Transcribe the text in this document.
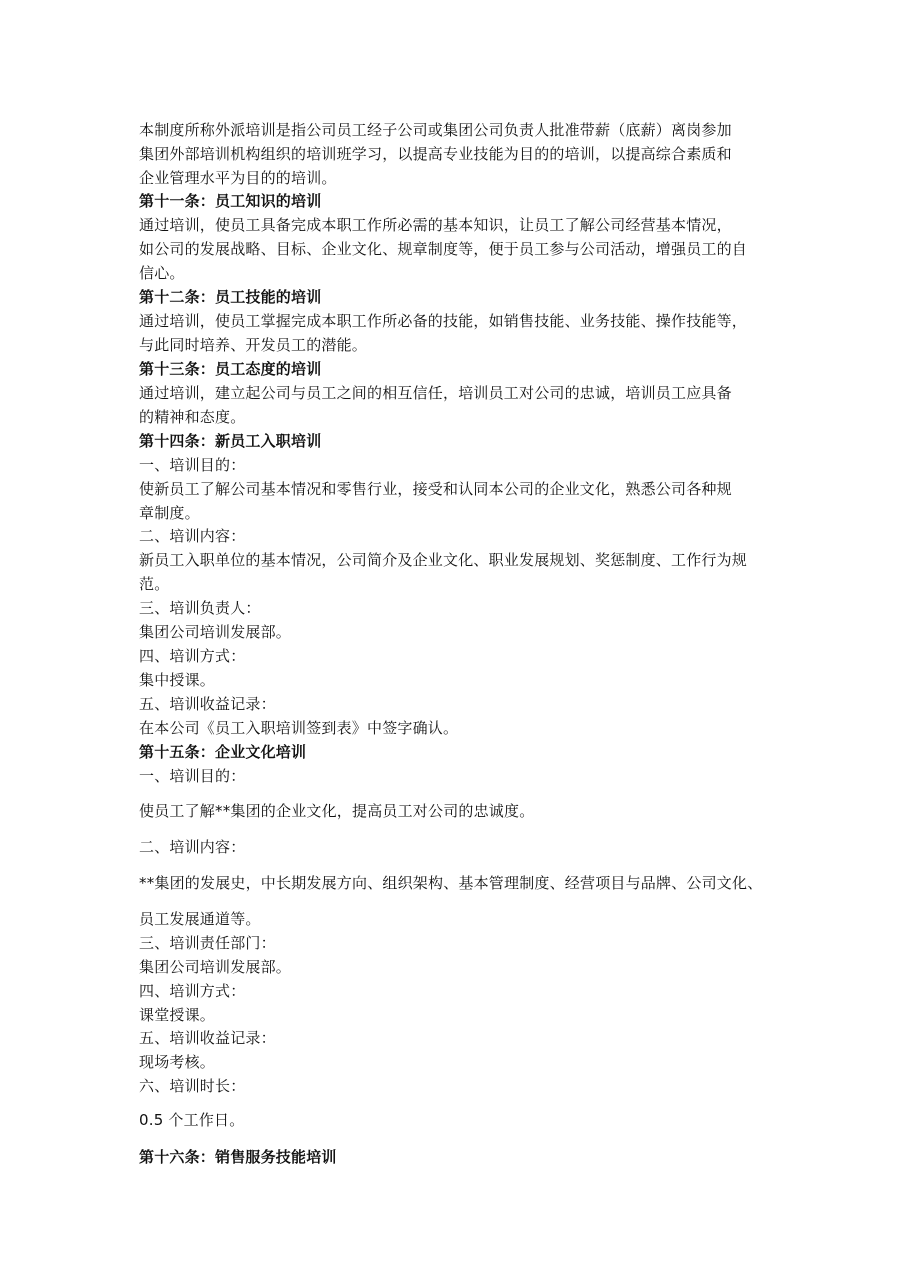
本制度所称外派培训是指公司员工经子公司或集团公司负责人批准带薪（底薪）离岗参加
集团外部培训机构组织的培训班学习，以提高专业技能为目的的培训，以提高综合素质和
企业管理水平为目的的培训。
第十一条：员工知识的培训
通过培训，使员工具备完成本职工作所必需的基本知识，让员工了解公司经营基本情况，
如公司的发展战略、目标、企业文化、规章制度等，便于员工参与公司活动，增强员工的自
信心。
第十二条：员工技能的培训
通过培训，使员工掌握完成本职工作所必备的技能，如销售技能、业务技能、操作技能等，
与此同时培养、开发员工的潜能。
第十三条：员工态度的培训
通过培训，建立起公司与员工之间的相互信任，培训员工对公司的忠诚，培训员工应具备
的精神和态度。
第十四条：新员工入职培训
一、培训目的：
使新员工了解公司基本情况和零售行业，接受和认同本公司的企业文化，熟悉公司各种规
章制度。
二、培训内容：
新员工入职单位的基本情况，公司简介及企业文化、职业发展规划、奖惩制度、工作行为规
范。
三、培训负责人：
集团公司培训发展部。
四、培训方式：
集中授课。
五、培训收益记录：
在本公司《员工入职培训签到表》中签字确认。
第十五条：企业文化培训
一、培训目的：
使员工了解**集团的企业文化，提高员工对公司的忠诚度。
二、培训内容：
**集团的发展史，中长期发展方向、组织架构、基本管理制度、经营项目与品牌、公司文化、
员工发展通道等。
三、培训责任部门：
集团公司培训发展部。
四、培训方式：
课堂授课。
五、培训收益记录：
现场考核。
六、培训时长：
0.5 个工作日。
第十六条：销售服务技能培训
